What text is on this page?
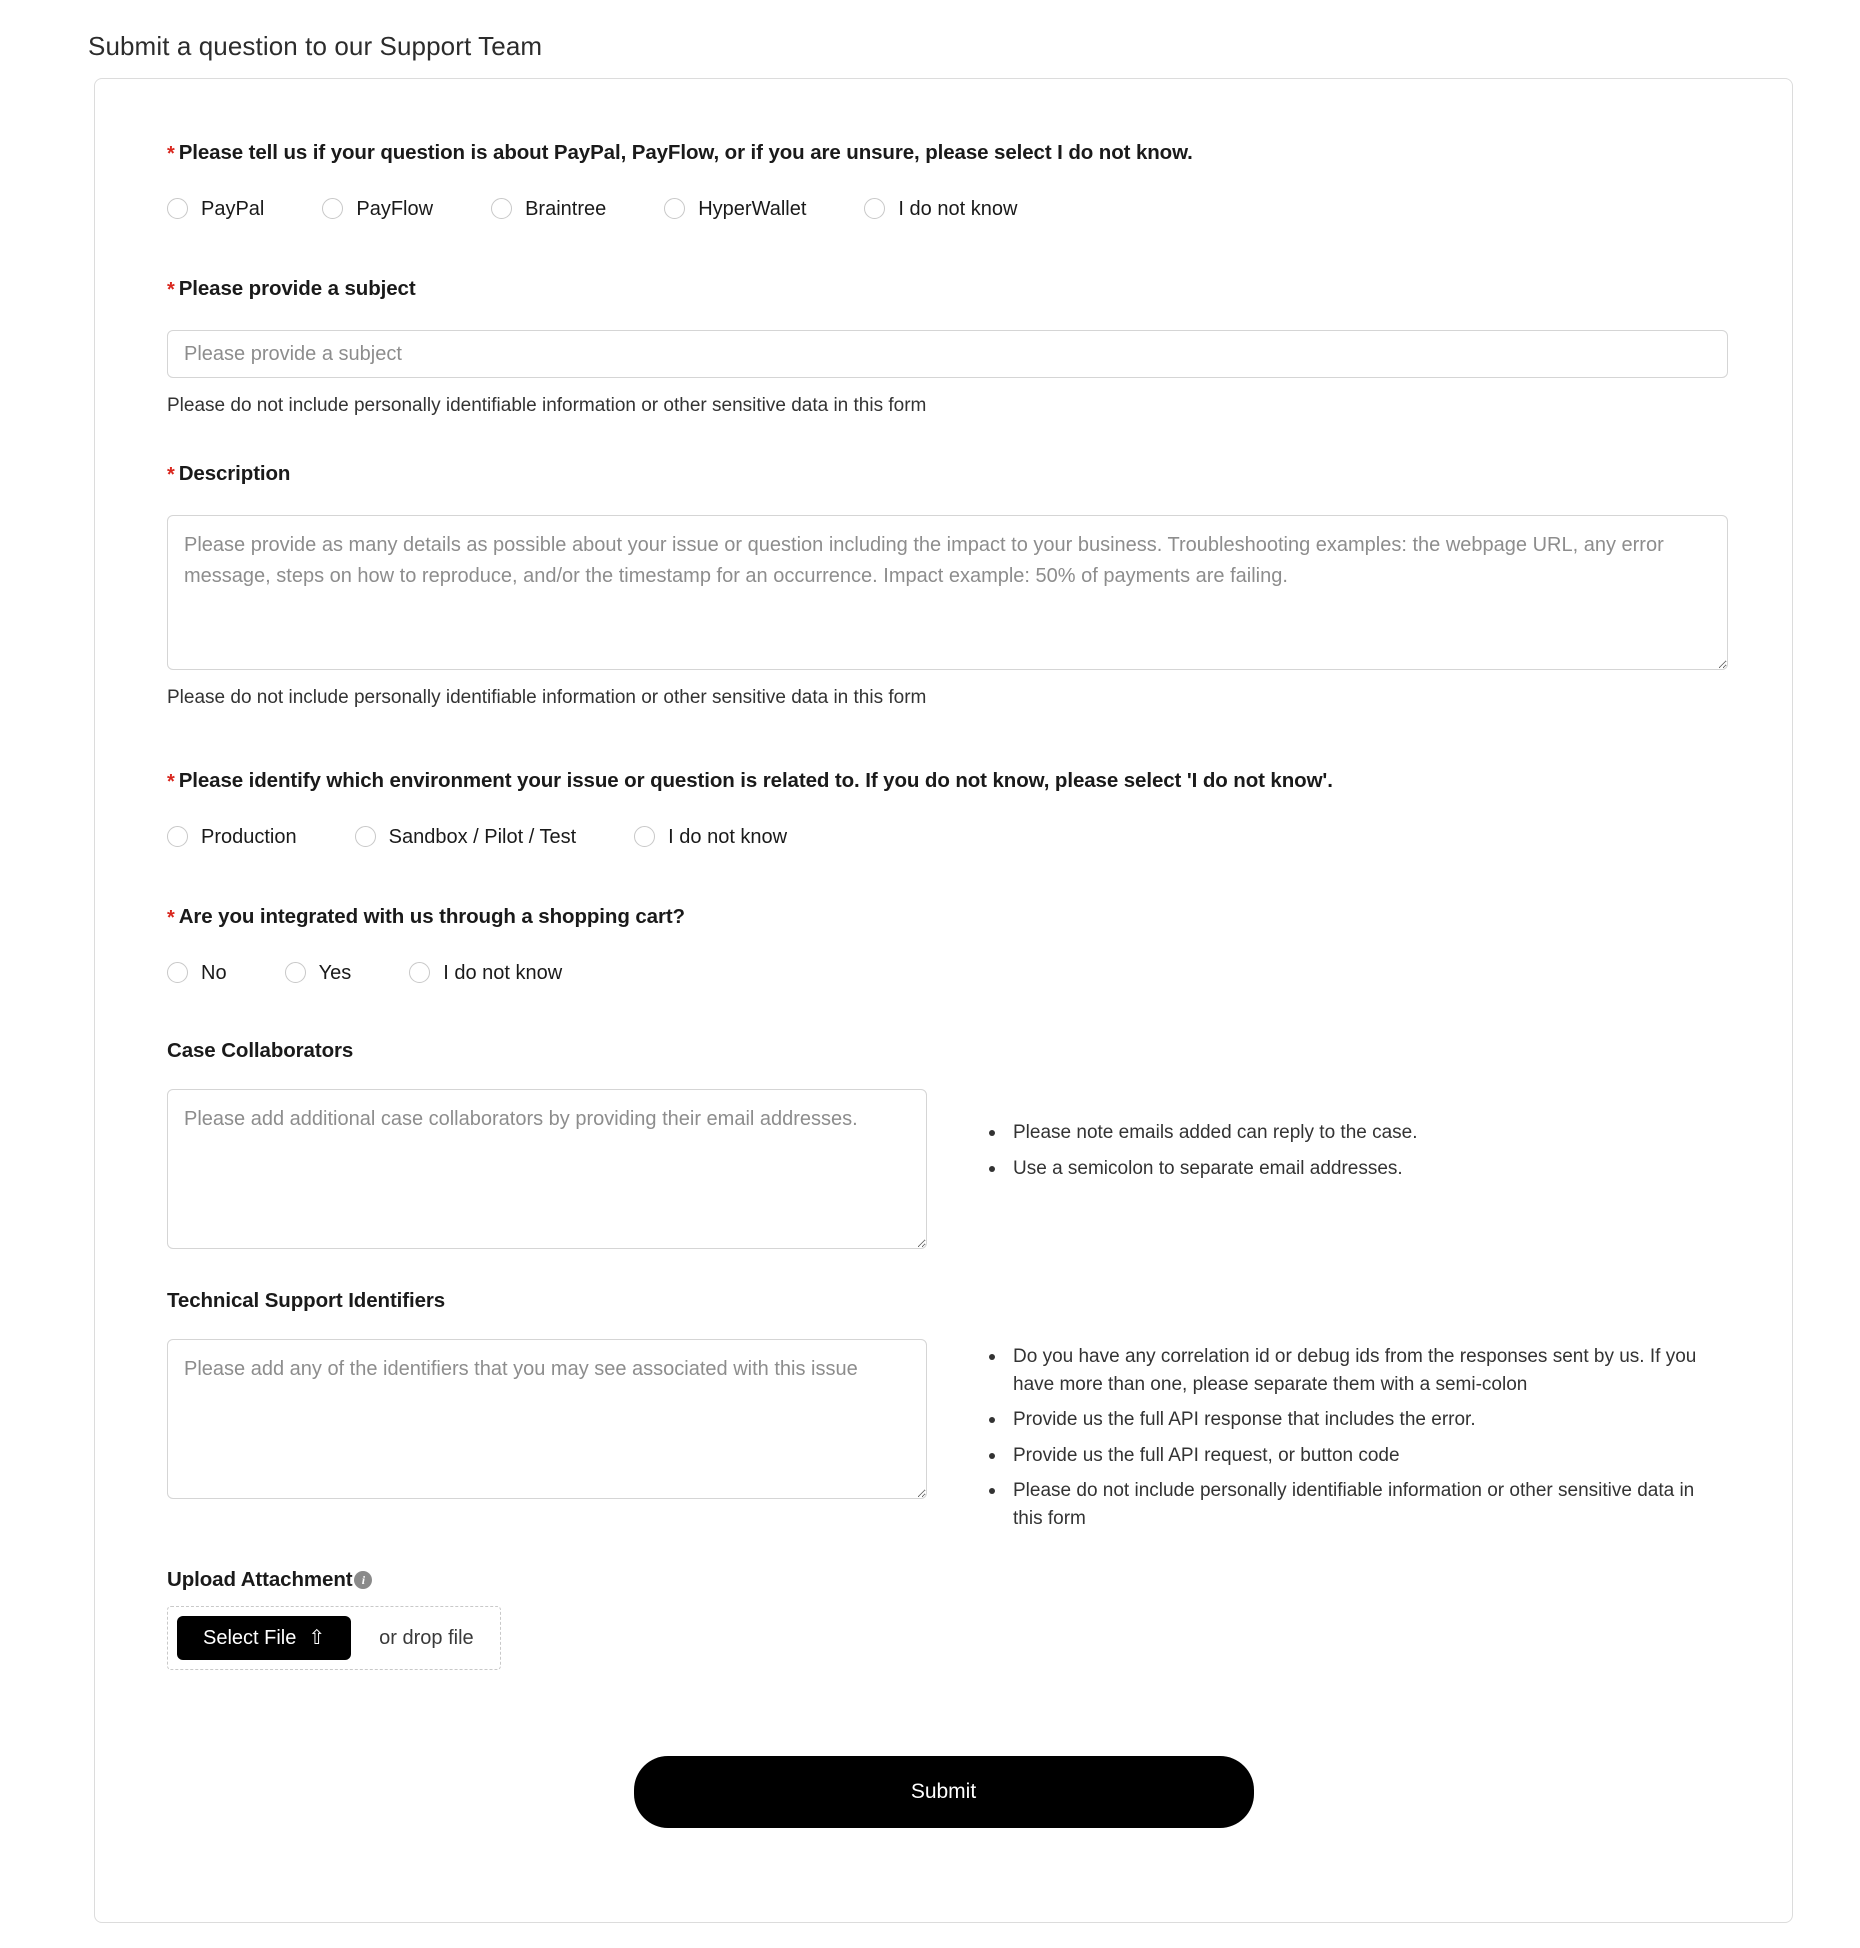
Submit a question to our Support Team
* Please tell us if your question is about PayPal, PayFlow, or if you are unsure, please select I do not know.
PayPal	PayFlow	Braintree	HyperWallet	I do not know
* Please provide a subject
Please provide a subject
Please do not include personally identifiable information or other sensitive data in this form
* Description
Please provide as many details as possible about your issue or question including the impact to your business. Troubleshooting examples: the webpage URL, any error message, steps on how to reproduce, and/or the timestamp for an occurrence. Impact example: 50% of payments are failing.
Please do not include personally identifiable information or other sensitive data in this form
* Please identify which environment your issue or question is related to. If you do not know, please select 'I do not know'.
Production	Sandbox / Pilot / Test	I do not know
* Are you integrated with us through a shopping cart?
No	Yes	I do not know
Case Collaborators
Please add additional case collaborators by providing their email addresses.
Please note emails added can reply to the case.
Use a semicolon to separate email addresses.
Technical Support Identifiers
Please add any of the identifiers that you may see associated with this issue
Do you have any correlation id or debug ids from the responses sent by us. If you have more than one, please separate them with a semi-colon
Provide us the full API response that includes the error.
Provide us the full API request, or button code
Please do not include personally identifiable information or other sensitive data in this form
Upload Attachment i
Select File ⇧	or drop file
Submit
